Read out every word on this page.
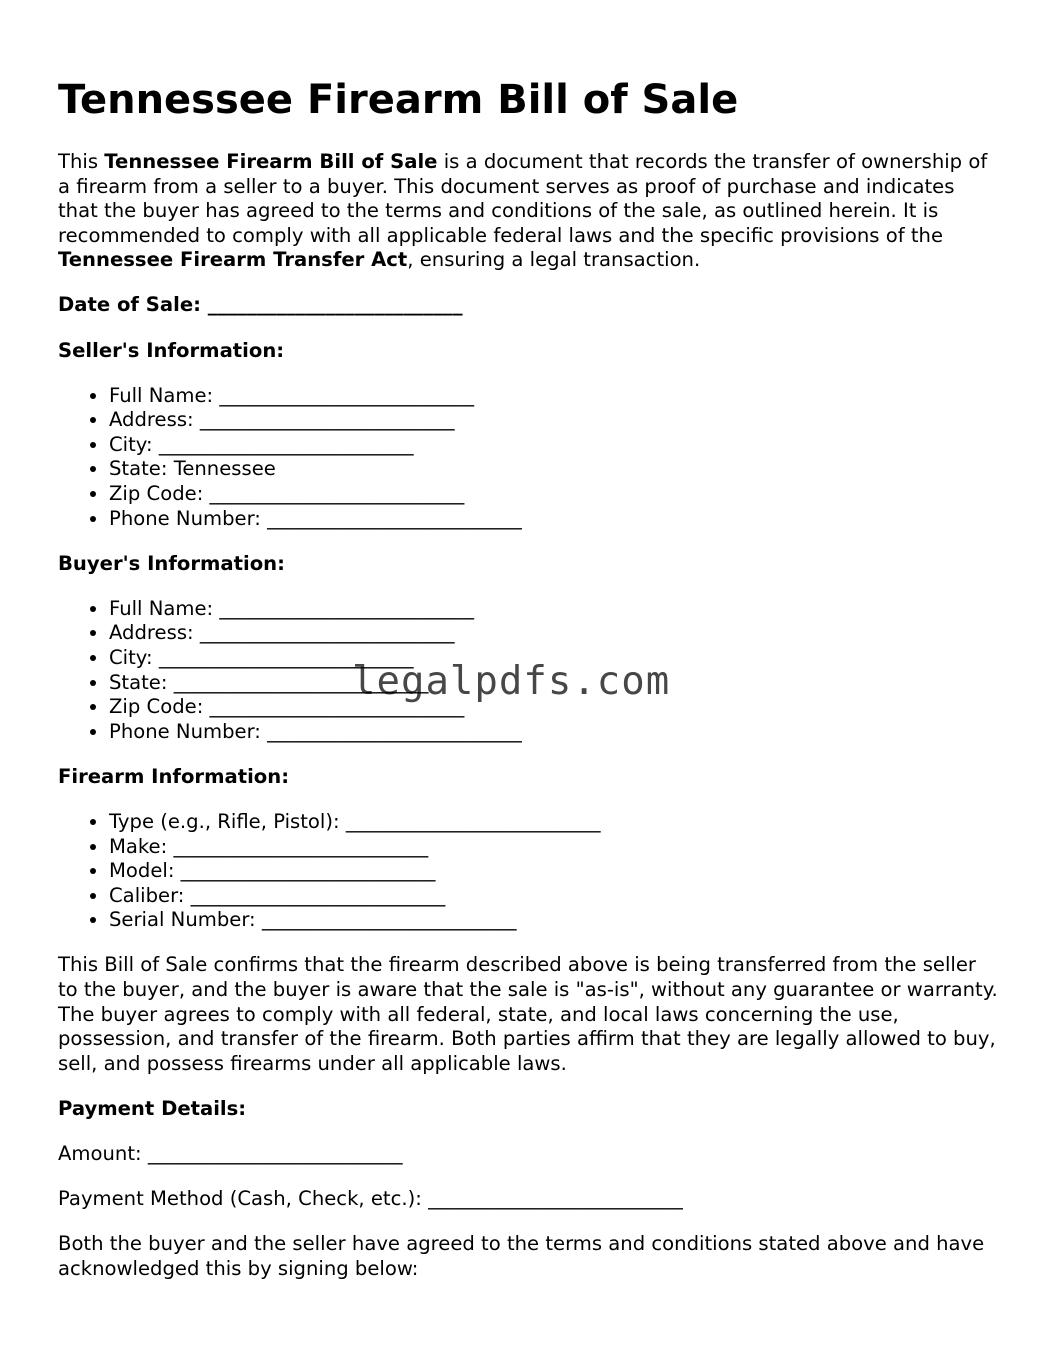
Tennessee Firearm Bill of Sale

This Tennessee Firearm Bill of Sale is a document that records the transfer of ownership of a firearm from a seller to a buyer. This document serves as proof of purchase and indicates that the buyer has agreed to the terms and conditions of the sale, as outlined herein. It is recommended to comply with all applicable federal laws and the specific provisions of the Tennessee Firearm Transfer Act, ensuring a legal transaction.

Date of Sale: __________________________

Seller's Information:

• Full Name: __________________________
• Address: __________________________
• City: __________________________
• State: Tennessee
• Zip Code: __________________________
• Phone Number: __________________________

Buyer's Information:

• Full Name: __________________________
• Address: __________________________
• City: __________________________
• State: __________________________
• Zip Code: __________________________
• Phone Number: __________________________

Firearm Information:

• Type (e.g., Rifle, Pistol): __________________________
• Make: __________________________
• Model: __________________________
• Caliber: __________________________
• Serial Number: __________________________

This Bill of Sale confirms that the firearm described above is being transferred from the seller to the buyer, and the buyer is aware that the sale is "as-is", without any guarantee or warranty. The buyer agrees to comply with all federal, state, and local laws concerning the use, possession, and transfer of the firearm. Both parties affirm that they are legally allowed to buy, sell, and possess firearms under all applicable laws.

Payment Details:

Amount: __________________________

Payment Method (Cash, Check, etc.): __________________________

Both the buyer and the seller have agreed to the terms and conditions stated above and have acknowledged this by signing below:

legalpdfs.com
